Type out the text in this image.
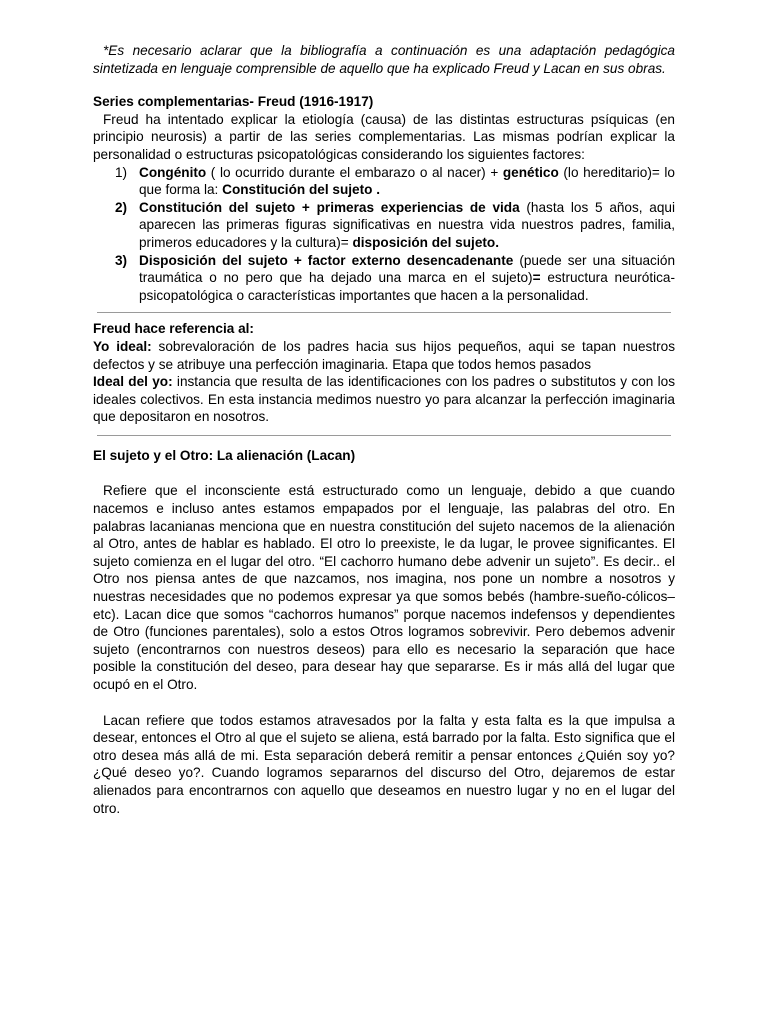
*Es necesario aclarar que la bibliografía a continuación es una adaptación pedagógica sintetizada en lenguaje comprensible de aquello que ha explicado Freud y Lacan en sus obras.

Series complementarias- Freud (1916-1917)

Freud ha intentado explicar la etiología (causa) de las distintas estructuras psíquicas (en principio neurosis) a partir de las series complementarias. Las mismas podrían explicar la personalidad o estructuras psicopatológicas considerando los siguientes factores:

1) Congénito ( lo ocurrido durante el embarazo o al nacer) + genético (lo hereditario)= lo que forma la: Constitución del sujeto .
2) Constitución del sujeto + primeras experiencias de vida (hasta los 5 años, aqui aparecen las primeras figuras significativas en nuestra vida nuestros padres, familia, primeros educadores y la cultura)= disposición del sujeto.
3) Disposición del sujeto + factor externo desencadenante (puede ser una situación traumática o no pero que ha dejado una marca en el sujeto)= estructura neurótica-psicopatológica o características importantes que hacen a la personalidad.

Freud hace referencia al:

Yo ideal: sobrevaloración de los padres hacia sus hijos pequeños, aqui se tapan nuestros defectos y se atribuye una perfección imaginaria. Etapa que todos hemos pasados

Ideal del yo: instancia que resulta de las identificaciones con los padres o substitutos y con los ideales colectivos. En esta instancia medimos nuestro yo para alcanzar la perfección imaginaria que depositaron en nosotros.

El sujeto y el Otro: La alienación (Lacan)

Refiere que el inconsciente está estructurado como un lenguaje, debido a que cuando nacemos e incluso antes estamos empapados por el lenguaje, las palabras del otro. En palabras lacanianas menciona que en nuestra constitución del sujeto nacemos de la alienación al Otro, antes de hablar es hablado. El otro lo preexiste, le da lugar, le provee significantes. El sujeto comienza en el lugar del otro. “El cachorro humano debe advenir un sujeto”. Es decir.. el Otro nos piensa antes de que nazcamos, nos imagina, nos pone un nombre a nosotros y nuestras necesidades que no podemos expresar ya que somos bebés (hambre-sueño-cólicos–etc). Lacan dice que somos “cachorros humanos” porque nacemos indefensos y dependientes de Otro (funciones parentales), solo a estos Otros logramos sobrevivir. Pero debemos advenir sujeto (encontrarnos con nuestros deseos) para ello es necesario la separación que hace posible la constitución del deseo, para desear hay que separarse. Es ir más allá del lugar que ocupó en el Otro.

Lacan refiere que todos estamos atravesados por la falta y esta falta es la que impulsa a desear, entonces el Otro al que el sujeto se aliena, está barrado por la falta. Esto significa que el otro desea más allá de mi. Esta separación deberá remitir a pensar entonces ¿Quién soy yo? ¿Qué deseo yo?. Cuando logramos separarnos del discurso del Otro, dejaremos de estar alienados para encontrarnos con aquello que deseamos en nuestro lugar y no en el lugar del otro.
